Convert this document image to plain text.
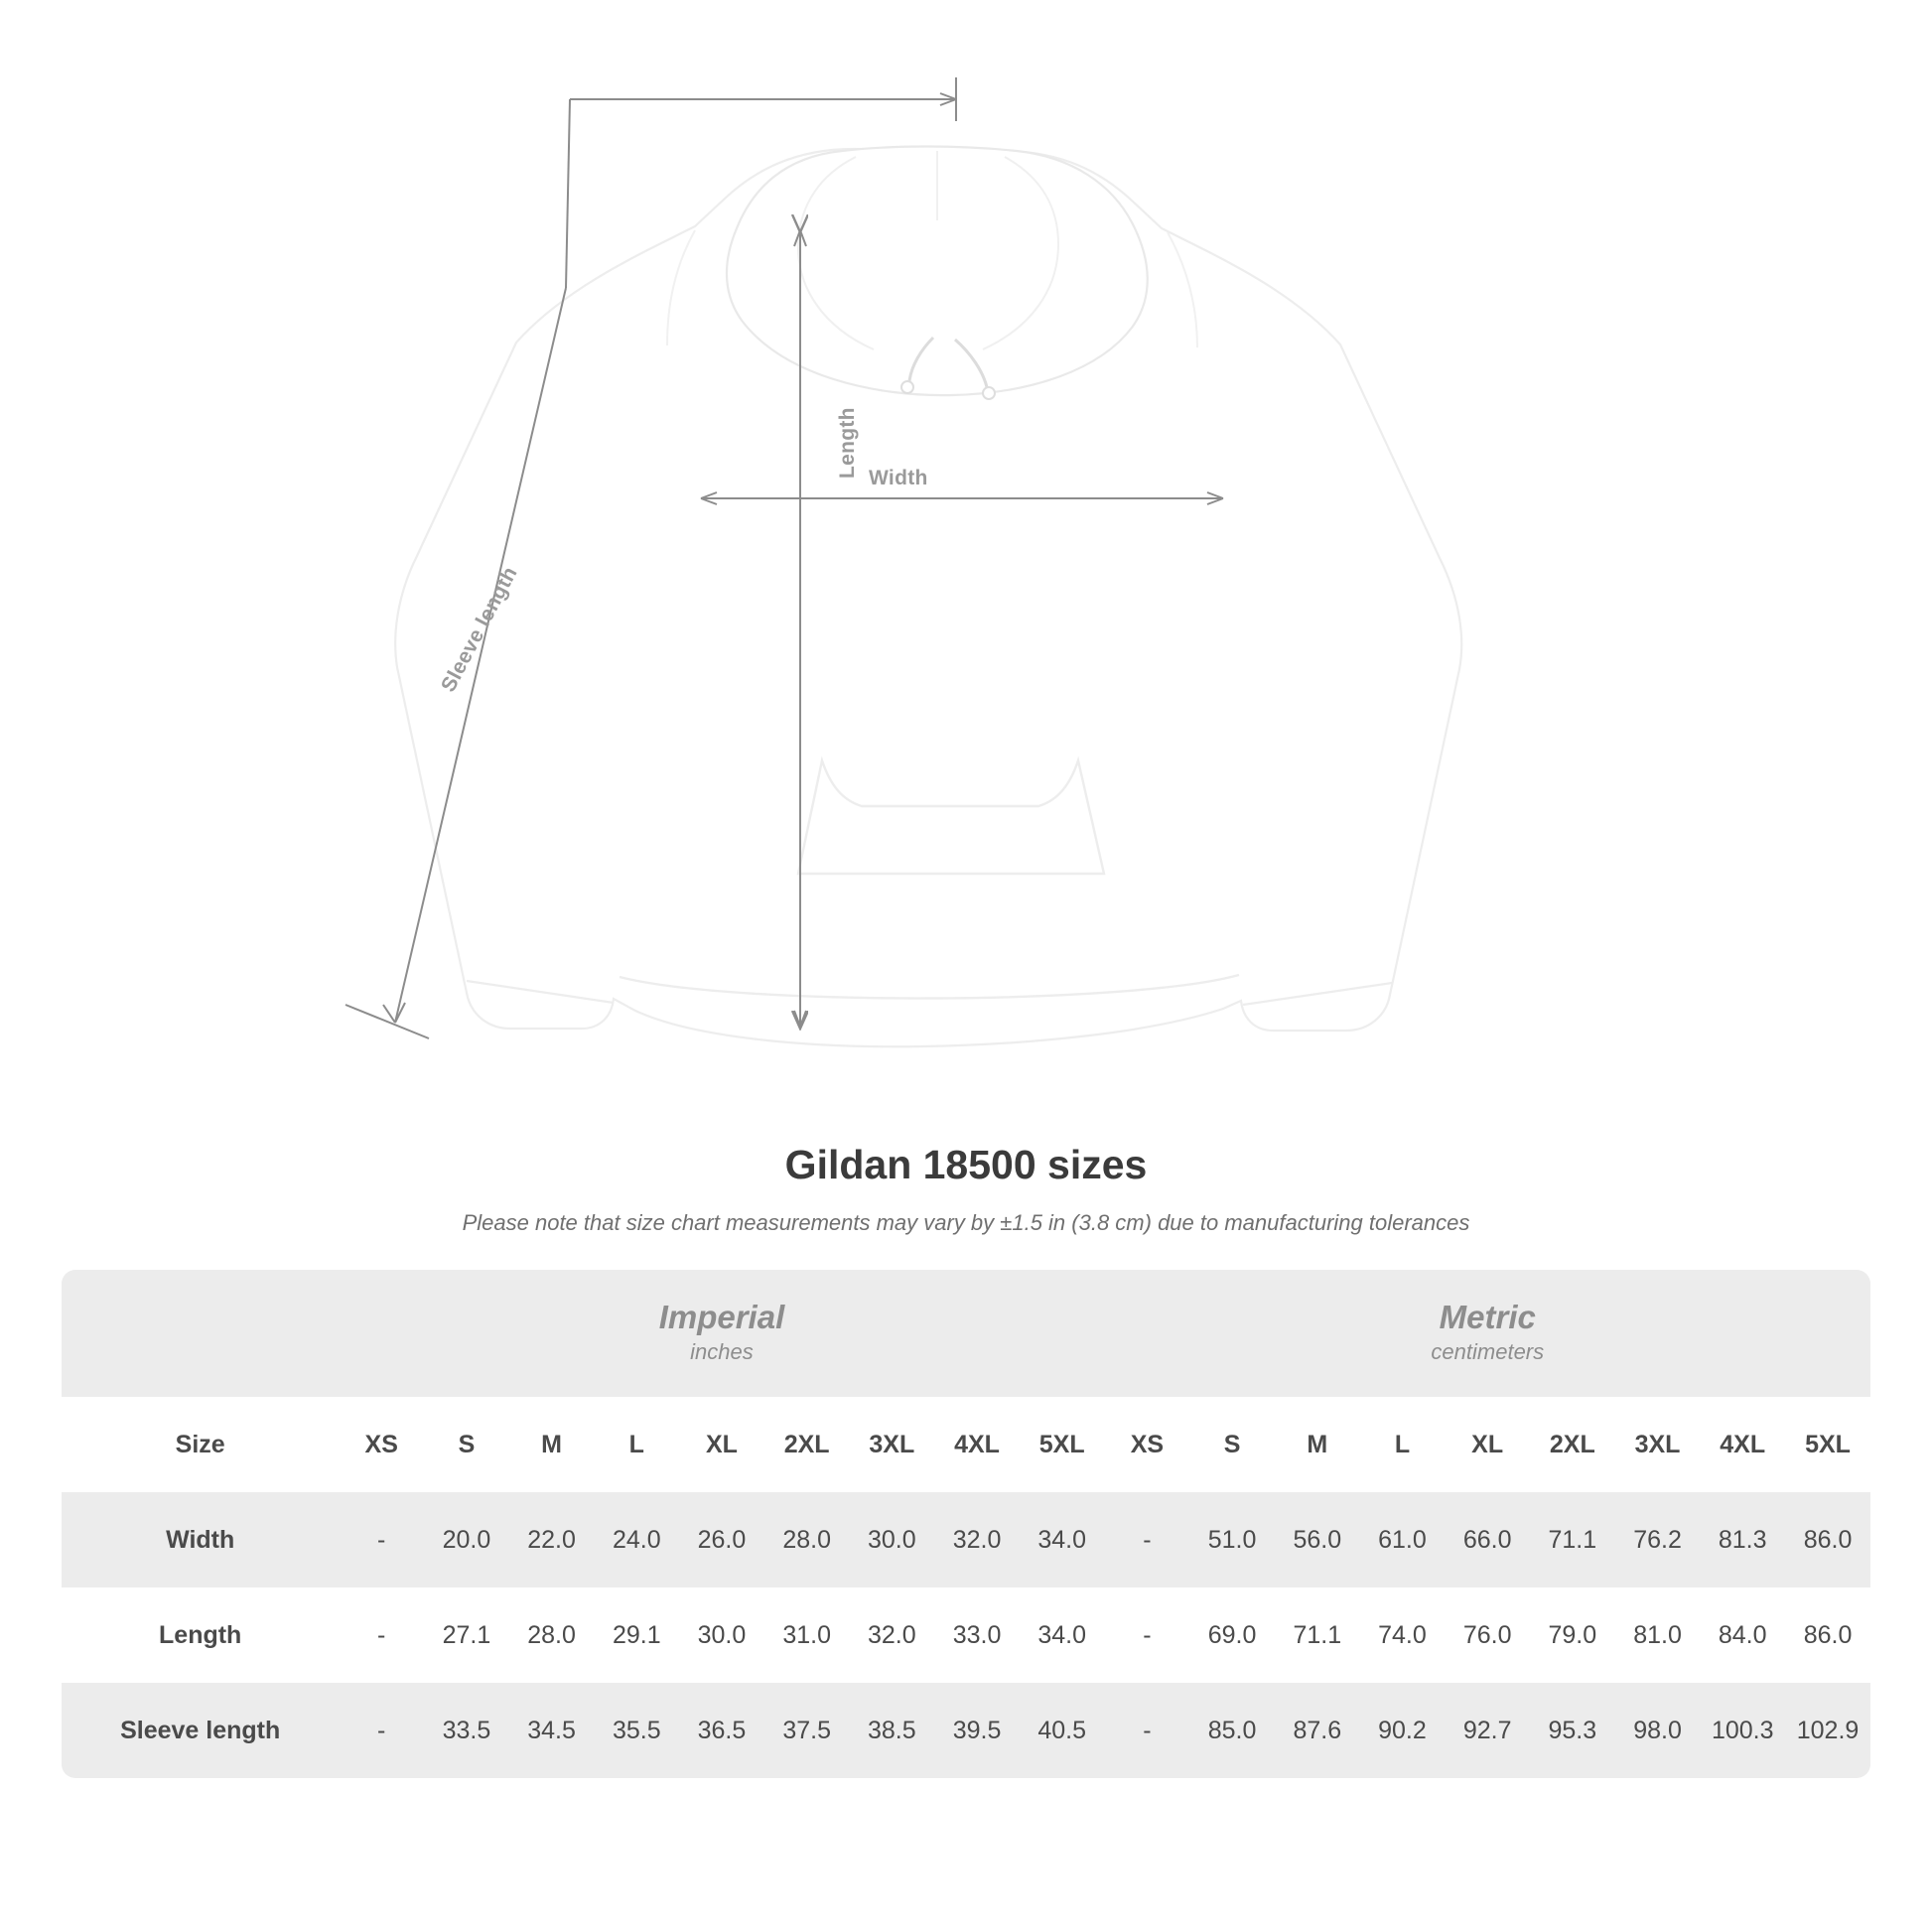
Length Width
Sleeve length
Gildan 18500 sizes

Please note that size chart measurements may vary by ±1.5 in (3.8 cm) due to manufacturing tolerances

Imperial
inches

Metric
centimeters

Size	XS	S	M	L	XL	2XL	3XL	4XL	5XL	XS	S	M	L	XL	2XL	3XL	4XL	5XL
Width	-	20.0	22.0	24.0	26.0	28.0	30.0	32.0	34.0	-	51.0	56.0	61.0	66.0	71.1	76.2	81.3	86.0
Length	-	27.1	28.0	29.1	30.0	31.0	32.0	33.0	34.0	-	69.0	71.1	74.0	76.0	79.0	81.0	84.0	86.0
Sleeve length	-	33.5	34.5	35.5	36.5	37.5	38.5	39.5	40.5	-	85.0	87.6	90.2	92.7	95.3	98.0	100.3	102.9
